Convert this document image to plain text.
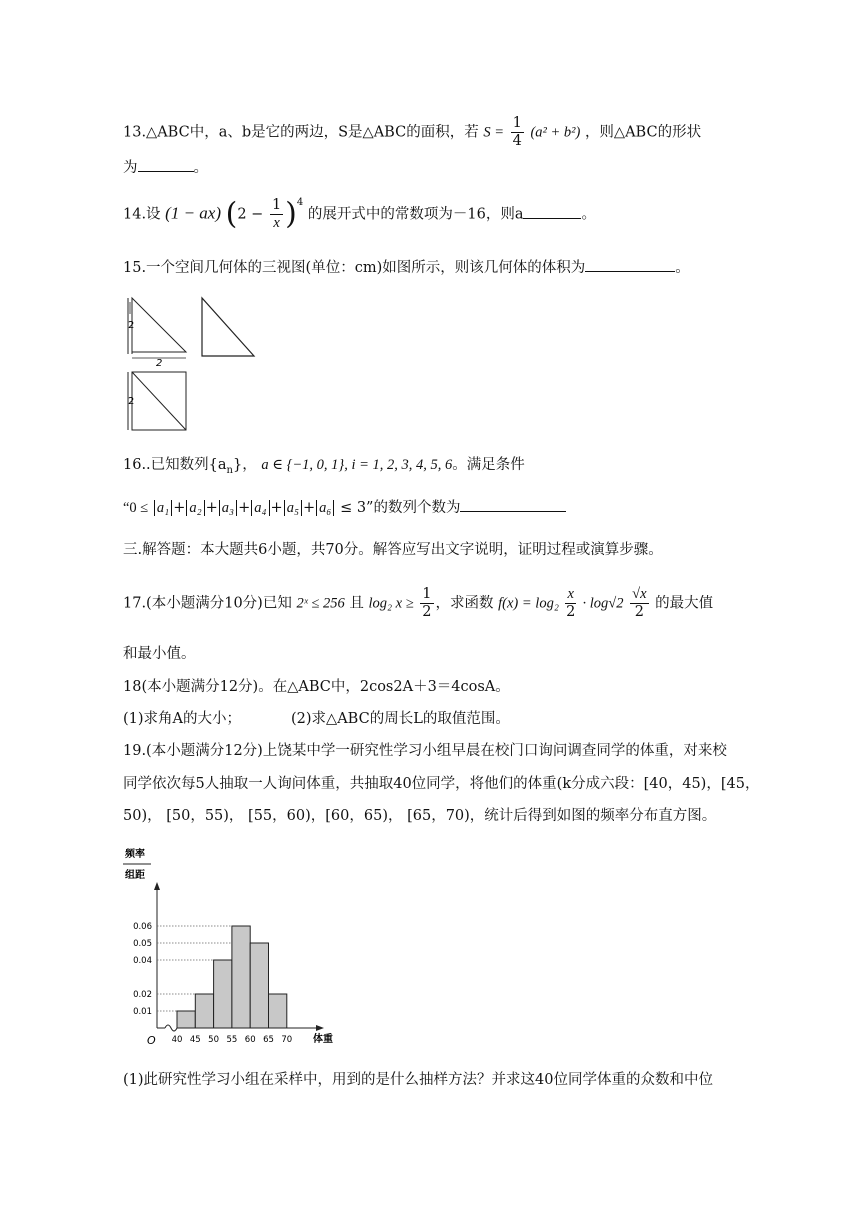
13.△ABC中，a、b是它的两边，S是△ABC的面积，若 $S = \frac{1}{4} (a^2 + b^2)$ ，则△ABC的形状
为	。
14.设 (1 − ax) $(2 - \frac{1}{x} )^4$ 的展开式中的常数项为－16，则a	。
15.一个空间几何体的三视图(单位：cm)如图所示，则该几何体的体积为	。
2
2
2
16..已知数列$\{a_n\}$， a ∈ {−1, 0, 1}, i = 1, 2, 3, 4, 5, 6。满足条件
“0 ≤ a₁ + a₂ + a₃ + a₄ + a₅ + a₆ ≤ 3”的数列个数为
三.解答题：本大题共6小题，共70分。解答应写出文字说明，证明过程或演算步骤。
17.(本小题满分10分)已知 2ˣ ≤ 256 且 log₂ $x \ge \frac{1}{2}$ ，求函数 $f(x) = \log_2 \frac{x}{2} \cdot \log√2 \frac{√x}{2}$ 的最大值
和最小值。
18(本小题满分12分)。在△ABC中，2cos2A＋3＝4cosA。
(1)求角A的大小；	(2)求△ABC的周长L的取值范围。
19.(本小题满分12分)上饶某中学一研究性学习小组早晨在校门口询问调查同学的体重，对来校
同学依次每5人抽取一人询问体重，共抽取40位同学，将他们的体重(k分成六段：[40，45)，[45，
50)， [50，55)， [55，60)，[60，65)， [65，70)，统计后得到如图的频率分布直方图。
频率
组距
O
0.01
0.02
0.04
0.05
0.06
40 45 50 55 60 65 70 体重
(1)此研究性学习小组在采样中，用到的是什么抽样方法？并求这40位同学体重的众数和中位
